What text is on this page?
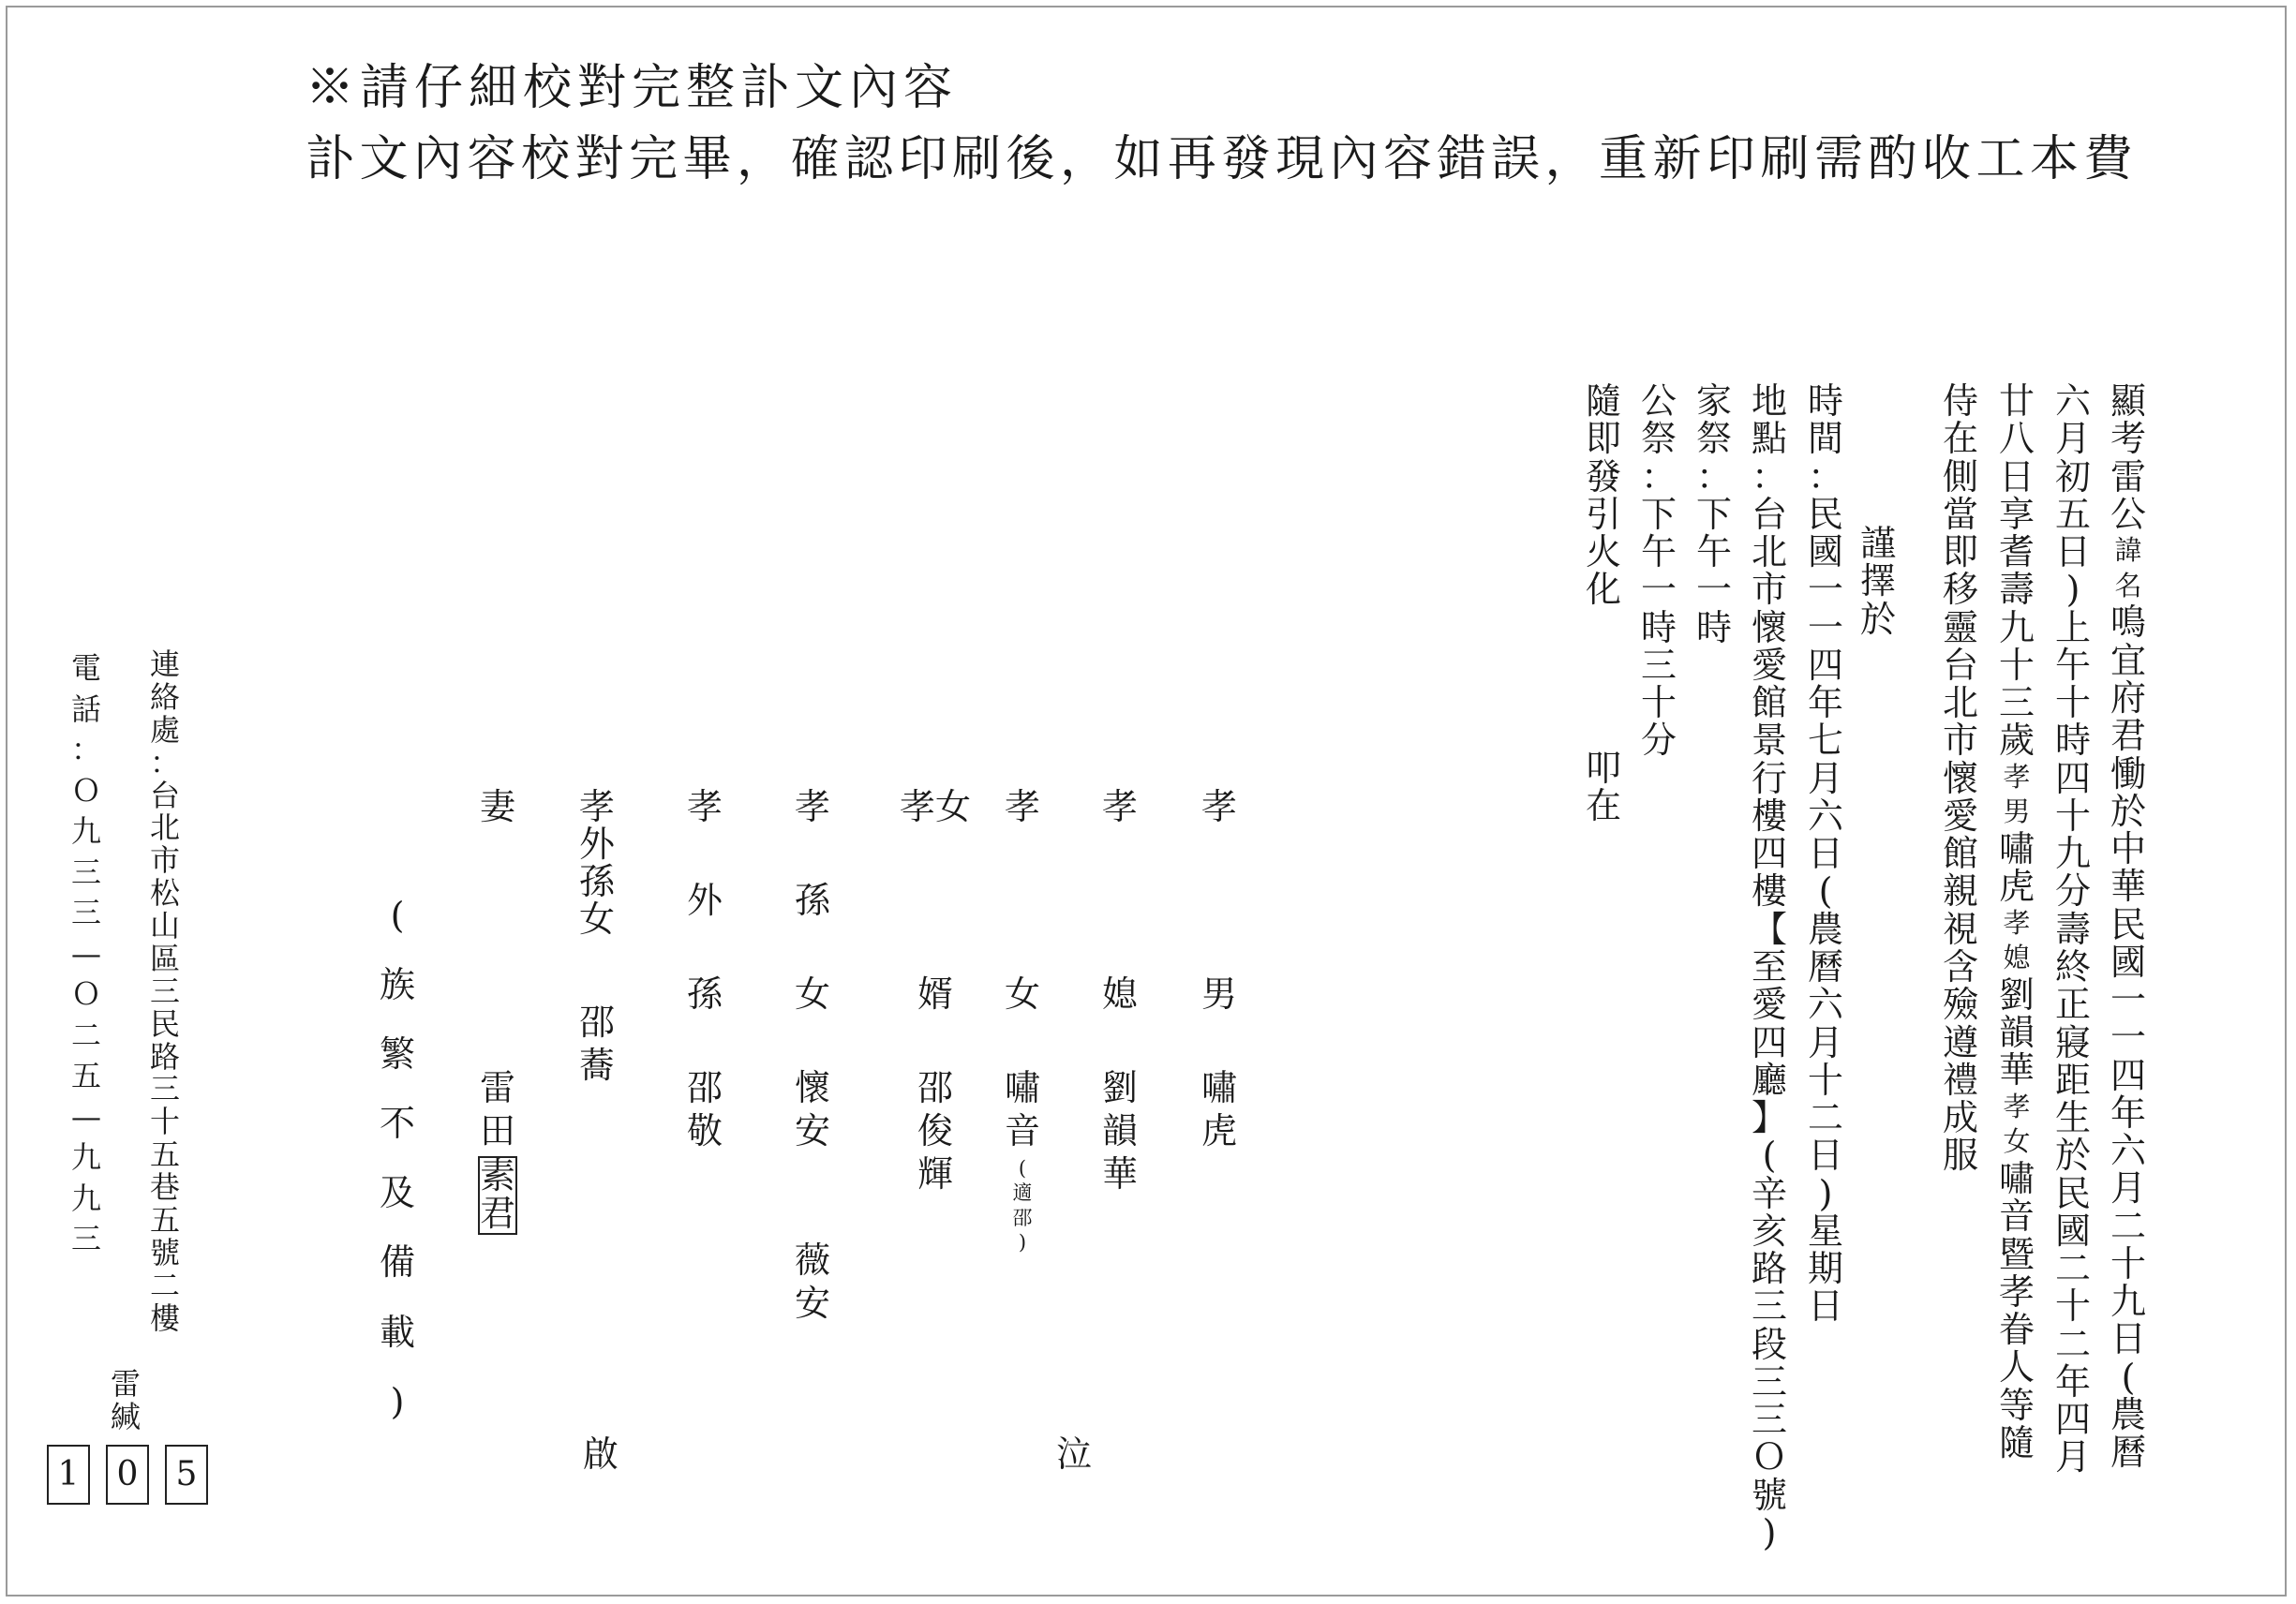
※請仔細校對完整訃文內容
訃文內容校對完畢，確認印刷後，如再發現內容錯誤，重新印刷需酌收工本費
顯
考
雷
公
諱
名
鳴
宜
府
君
慟
於
中
華
民
國
一
一
四
年
六
月
二
十
九
日
(
農
曆
六
月
初
五
日
)
上
午
十
時
四
十
九
分
壽
終
正
寢
距
生
於
民
國
二
十
二
年
四
月
廿
八
日
享
耆
壽
九
十
三
歲
孝
男
嘯
虎
孝
媳
劉
韻
華
孝
女
嘯
音
暨
孝
眷
人
等
隨
侍
在
側
當
即
移
靈
台
北
市
懷
愛
館
親
視
含
殮
遵
禮
成
服
謹
擇
於
時
間
：
民
國
一
一
四
年
七
月
六
日
(
農
曆
六
月
十
二
日
)
星
期
日
地
點
：
台
北
市
懷
愛
館
景
行
樓
四
樓
【
至
愛
四
廳
】
(
辛
亥
路
三
段
三
三
Ｏ
號
)
家
祭
：
下
午
一
時
公
祭
：
下
午
一
時
三
十
分
隨
即
發
引
火
化
叩
在
孝
男
嘯
虎
孝
媳
劉
韻
華
孝
女
嘯
音
(
適
邵
)
孝女
婿
邵
俊
輝
孝
孫
女
懷
安
薇
安
孝
外
孫
邵
敬
孝
外
孫
女
邵
蕎
妻
雷
田
素
君
泣
(
族
繁
不
及
備
載
)
啟
連
絡
處
：
台
北
市
松
山
區
三
民
路
三
十
五
巷
五
號
二
樓
電
話
：
Ｏ
九
三
三
—
Ｏ
二
五
—
九
九
三
雷
緘
1	0	5
